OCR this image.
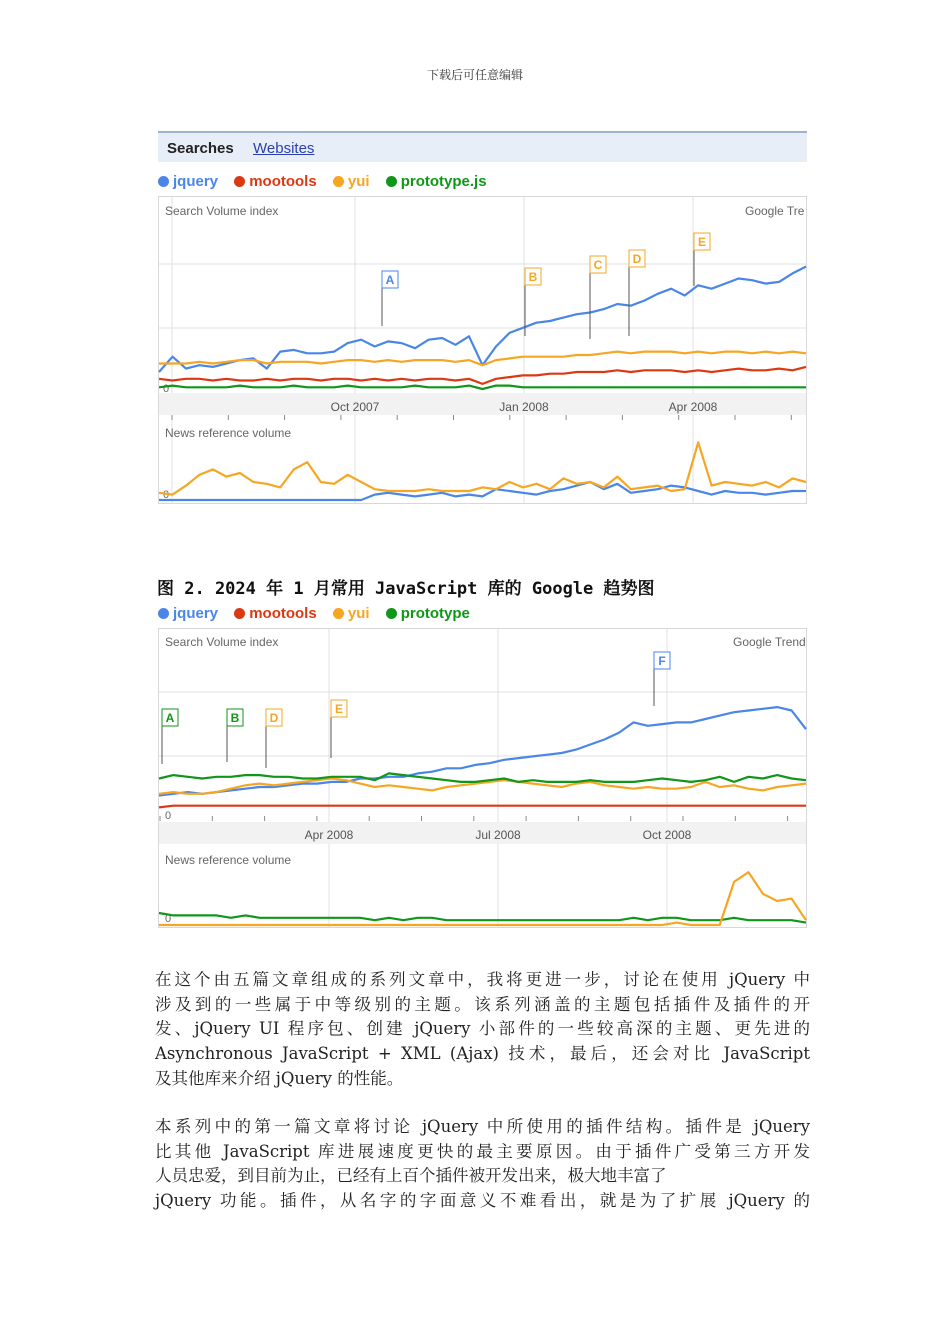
下载后可任意编辑
Searches Websites
jquery mootools yui prototype.js
Search Volume index	Google Tre
0
Oct 2007	Jan 2008	Apr 2008
News reference volume
0
A	B
C	D
E
图 2. 2024 年 1 月常用 JavaScript 库的 Google 趋势图
jquery mootools yui prototype
Search Volume index	Google Trend
0
Apr 2008	Jul 2008	Oct 2008
News reference volume
0
A	B	D
E
F
在这个由五篇文章组成的系列文章中，我将更进一步，讨论在使用 jQuery 中
涉及到的一些属于中等级别的主题。该系列涵盖的主题包括插件及插件的开
发、jQuery UI 程序包、创建 jQuery 小部件的一些较高深的主题、更先进的
Asynchronous JavaScript + XML (Ajax) 技术，最后，还会对比 JavaScript
及其他库来介绍 jQuery 的性能。
本系列中的第一篇文章将讨论 jQuery 中所使用的插件结构。插件是 jQuery
比其他 JavaScript 库进展速度更快的最主要原因。由于插件广受第三方开发
人员忠爱，到目前为止，已经有上百个插件被开发出来，极大地丰富了
jQuery 功能。插件，从名字的字面意义不难看出，就是为了扩展 jQuery 的
